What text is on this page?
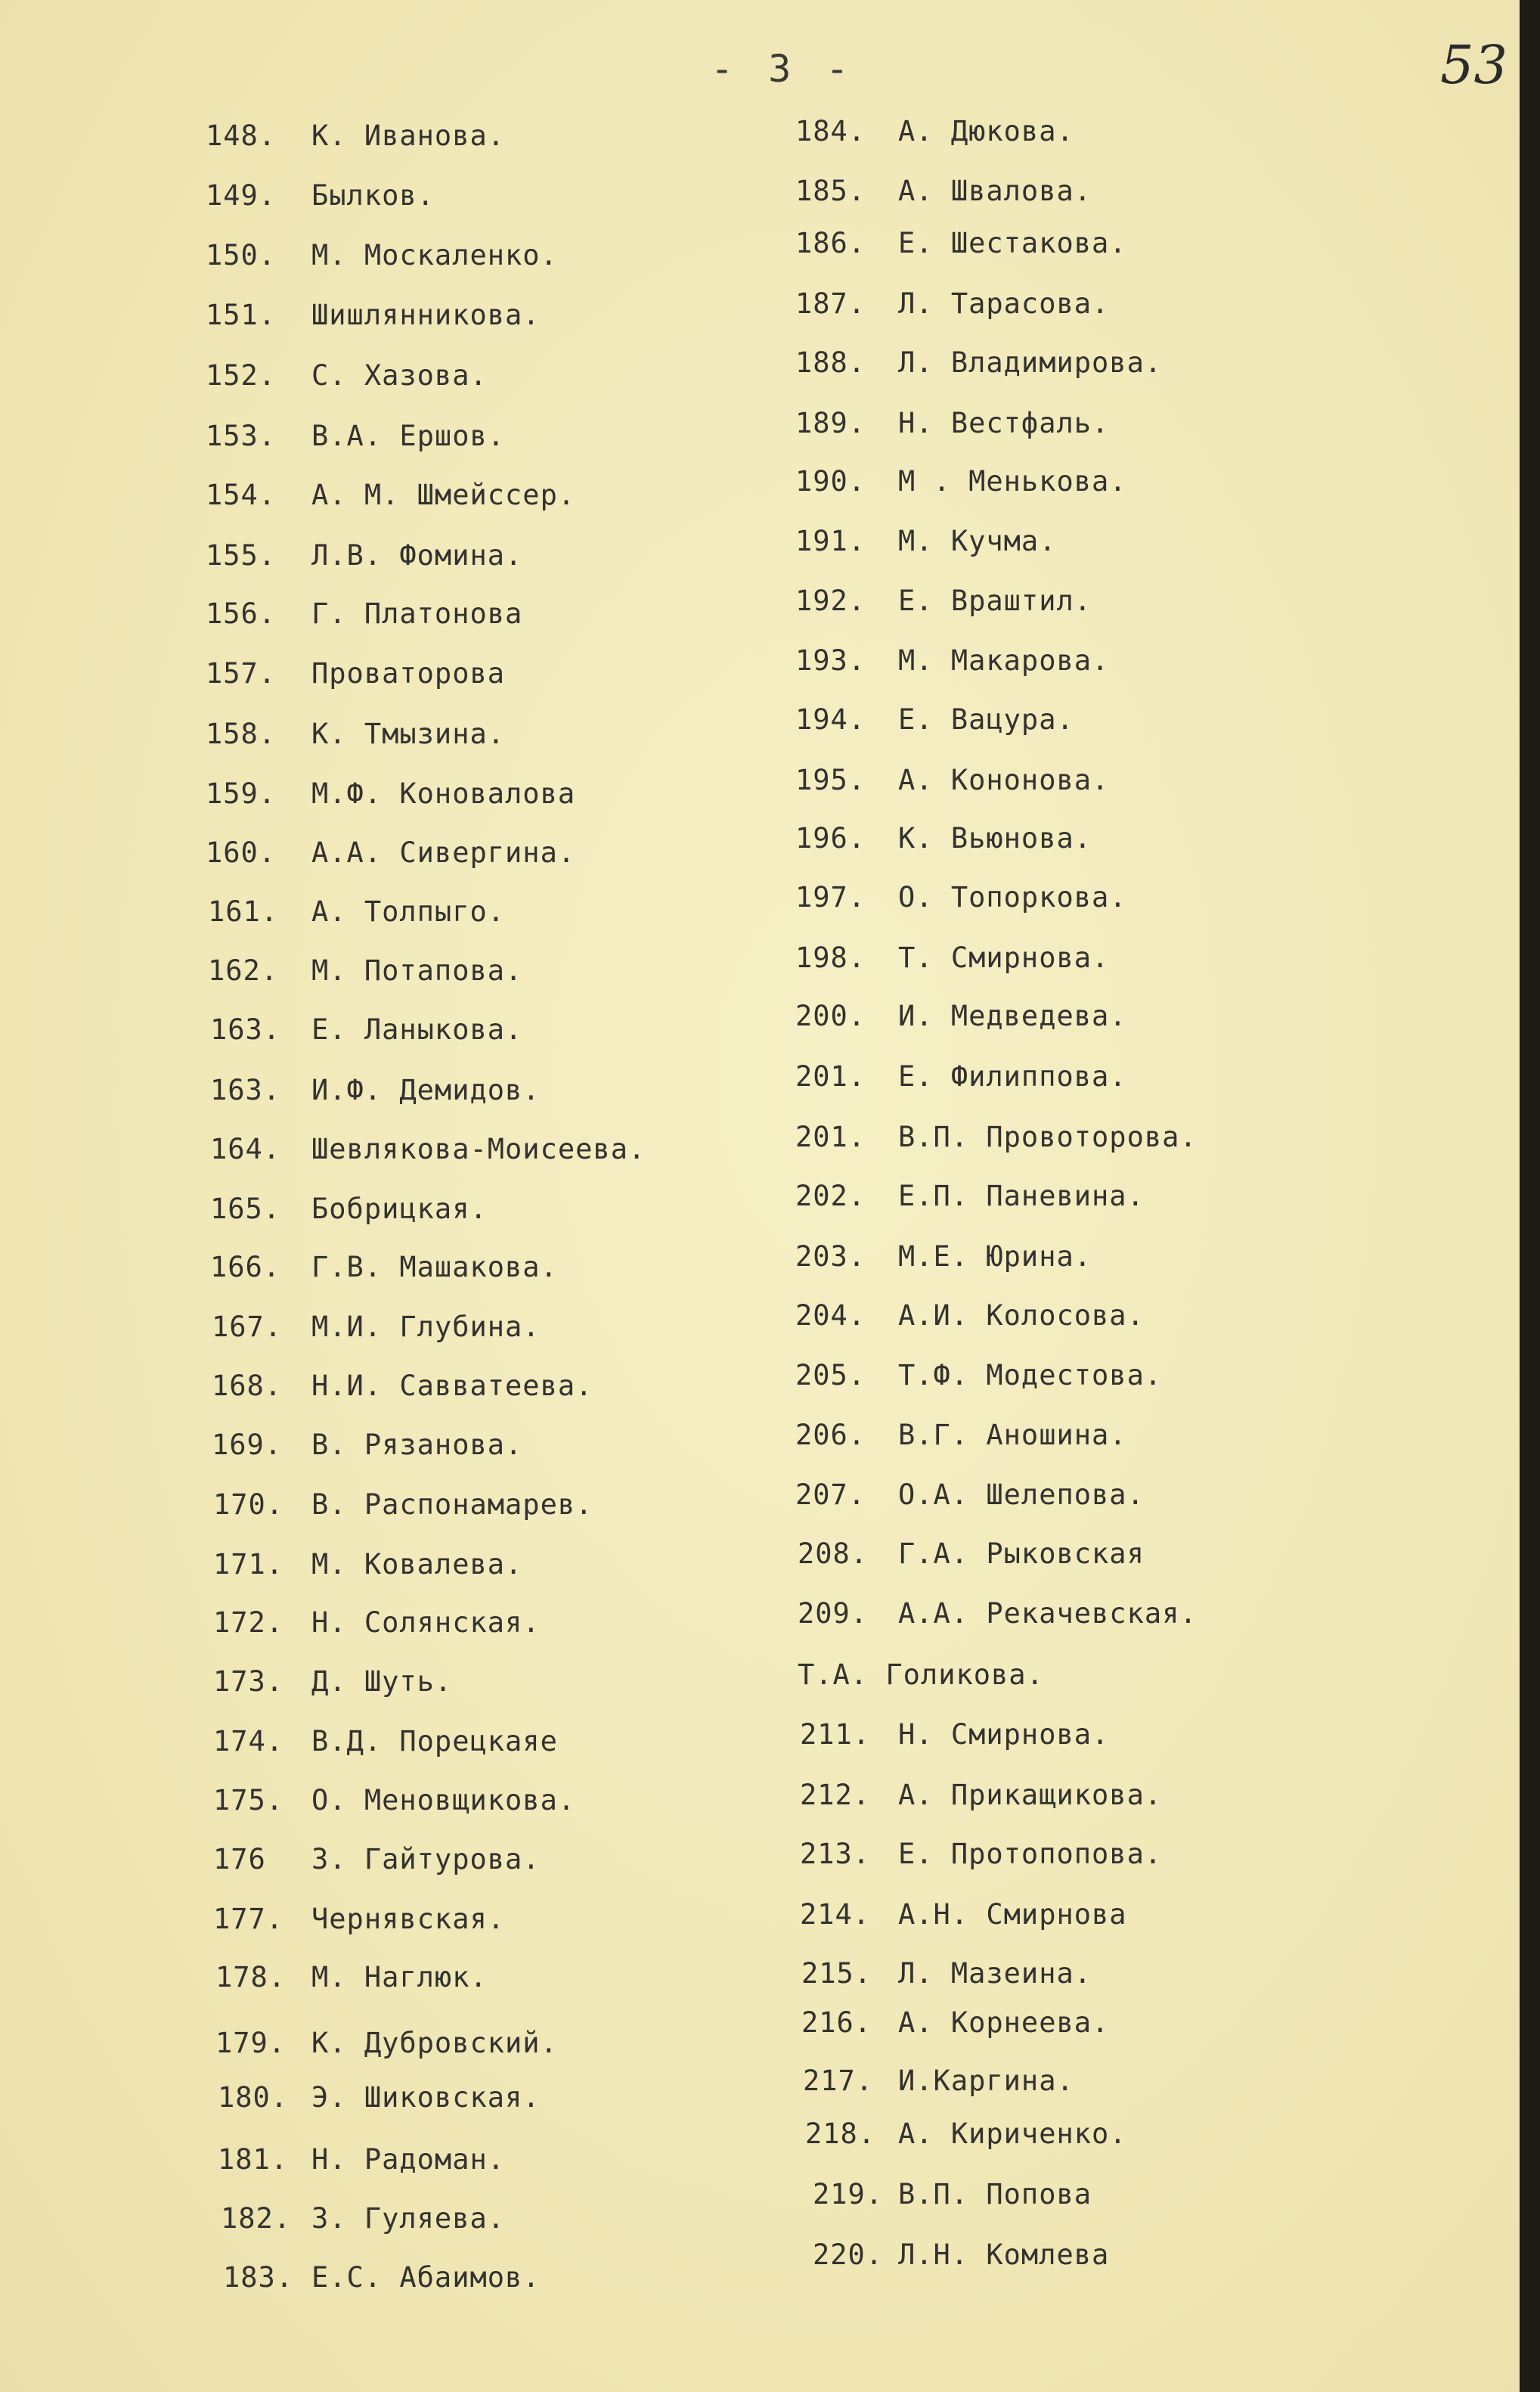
- 3 -	53
148. К. Иванова.
149. Былков.
150. М. Москаленко.
151. Шишлянникова.
152. С. Хазова.
153. В.А. Ершов.
154. А. М. Шмейссер.
155. Л.В. Фомина.
156. Г. Платонова
157. Проваторова
158. К. Тмызина.
159. М.Ф. Коновалова
160. А.А. Сивергина.
161. А. Толпыго.
162. М. Потапова.
163. Е. Ланыкова.
163. И.Ф. Демидов.
164. Шевлякова-Моисеева.
165. Бобрицкая.
166. Г.В. Машакова.
167. М.И. Глубина.
168. Н.И. Савватеева.
169. В. Рязанова.
170. В. Распонамарев.
171. М. Ковалева.
172. Н. Солянская.
173. Д. Шуть.
174. В.Д. Порецкаяе
175. О. Меновщикова.
176 З. Гайтурова.
177. Чернявская.
178. М. Наглюк.
179. К. Дубровский.
180. Э. Шиковская.
181. Н. Радоман.
182. З. Гуляева.
183. Е.С. Абаимов.
184. А. Дюкова.
185. А. Швалова.
186. Е. Шестакова.
187. Л. Тарасова.
188. Л. Владимирова.
189. Н. Вестфаль.
190. М . Менькова.
191. М. Кучма.
192. Е. Враштил.
193. М. Макарова.
194. Е. Вацура.
195. А. Кононова.
196. К. Вьюнова.
197. О. Топоркова.
198. Т. Смирнова.
200. И. Медведева.
201. Е. Филиппова.
201. В.П. Провоторова.
202. Е.П. Паневина.
203. М.Е. Юрина.
204. А.И. Колосова.
205. Т.Ф. Модестова.
206. В.Г. Аношина.
207. О.А. Шелепова.
208. Г.А. Рыковская
209. А.А. Рекачевская.
Т.А. Голикова.
211. Н. Смирнова.
212. А. Прикащикова.
213. Е. Протопопова.
214. А.Н. Смирнова
215. Л. Мазеина.
216. А. Корнеева.
217. И.Каргина.
218. А. Кириченко.
219. В.П. Попова
220. Л.Н. Комлева
